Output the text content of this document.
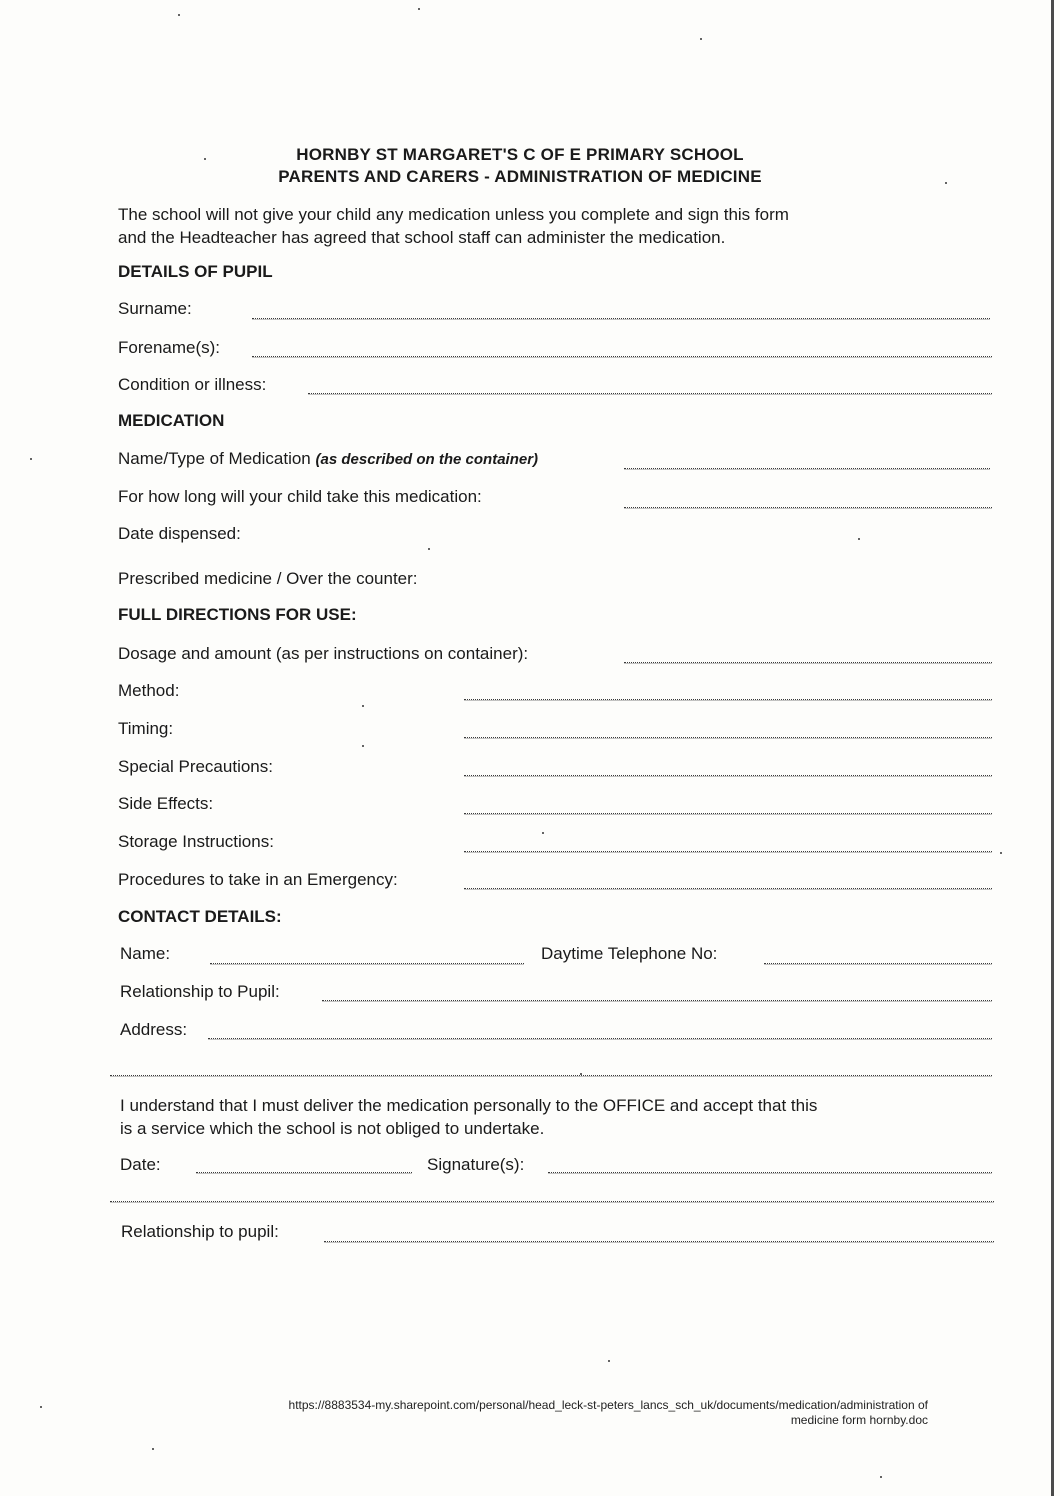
HORNBY ST MARGARET'S C OF E PRIMARY SCHOOL
PARENTS AND CARERS - ADMINISTRATION OF MEDICINE
The school will not give your child any medication unless you complete and sign this form
and the Headteacher has agreed that school staff can administer the medication.
DETAILS OF PUPIL
Surname:
Forename(s):
Condition or illness:
MEDICATION
Name/Type of Medication (as described on the container)
For how long will your child take this medication:
Date dispensed:
Prescribed medicine / Over the counter:
FULL DIRECTIONS FOR USE:
Dosage and amount (as per instructions on container):
Method:
Timing:
Special Precautions:
Side Effects:
Storage Instructions:
Procedures to take in an Emergency:
CONTACT DETAILS:
Name:	Daytime Telephone No:
Relationship to Pupil:
Address:
I understand that I must deliver the medication personally to the OFFICE and accept that this
is a service which the school is not obliged to undertake.
Date:	Signature(s):
Relationship to pupil:
https://8883534-my.sharepoint.com/personal/head_leck-st-peters_lancs_sch_uk/documents/medication/administration of
medicine form hornby.doc
